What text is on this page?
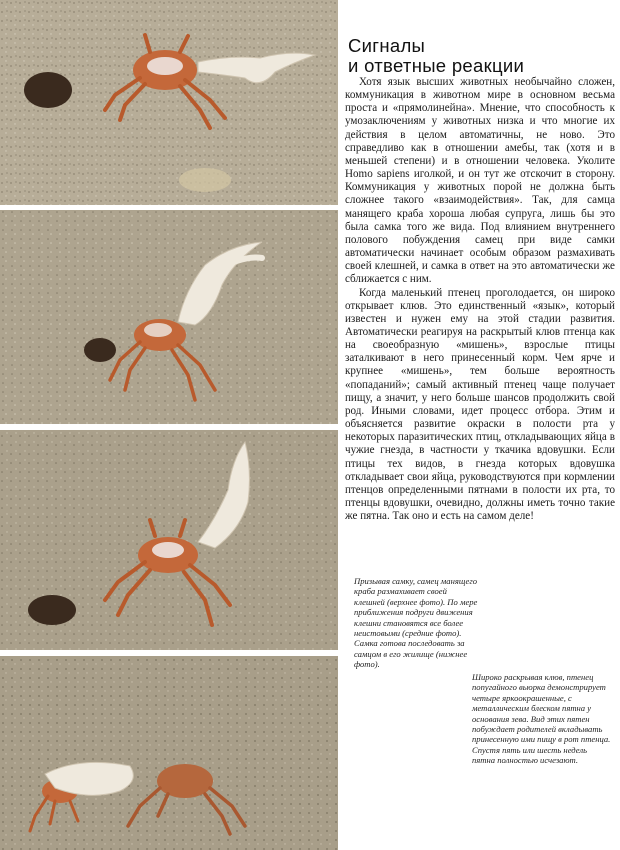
Сигналы
и ответные реакции

Хотя язык высших животных необычайно сложен, коммуникация в животном мире в основном весьма проста и «прямолинейна». Мнение, что способность к умозаключениям у животных низка и что многие их действия в целом автоматичны, не ново. Это справедливо как в отношении амебы, так (хотя и в меньшей степени) и в отношении человека. Уколите Homo sapiens иголкой, и он тут же отскочит в сторону. Коммуникация у животных порой не должна быть сложнее такого «взаимодействия». Так, для самца манящего краба хороша любая супруга, лишь бы это была самка того же вида. Под влиянием внутреннего полового побуждения самец при виде самки автоматически начинает особым образом размахивать своей клешней, и самка в ответ на это автоматически же сближается с ним.

Когда маленький птенец проголодается, он широко открывает клюв. Это единственный «язык», который известен и нужен ему на этой стадии развития. Автоматически реагируя на раскрытый клюв птенца как на своеобразную «мишень», взрослые птицы заталкивают в него принесенный корм. Чем ярче и крупнее «мишень», тем больше вероятность «попаданий»; самый активный птенец чаще получает пищу, а значит, у него больше шансов продолжить свой род. Иными словами, идет процесс отбора. Этим и объясняется развитие окраски в полости рта у некоторых паразитических птиц, откладывающих яйца в чужие гнезда, в частности у ткачика вдовушки. Если птицы тех видов, в гнезда которых вдовушка откладывает свои яйца, руководствуются при кормлении птенцов определенными пятнами в полости их рта, то птенцы вдовушки, очевидно, должны иметь точно такие же пятна. Так оно и есть на самом деле!

Призывая самку, самец манящего краба размахивает своей клешней (верхнее фото). По мере приближения подруги движения клешни становятся все более неистовыми (средние фото). Самка готова последовать за самцом в его жилище (нижнее фото).
Широко раскрывая клюв, птенец попугайного вьюрка демонстрирует четыре яркоокрашенные, с металлическим блеском пятна у основания зева. Вид этих пятен побуждает родителей вкладывать принесенную ими пищу в рот птенца. Спустя пять или шесть недель пятна полностью исчезают.
